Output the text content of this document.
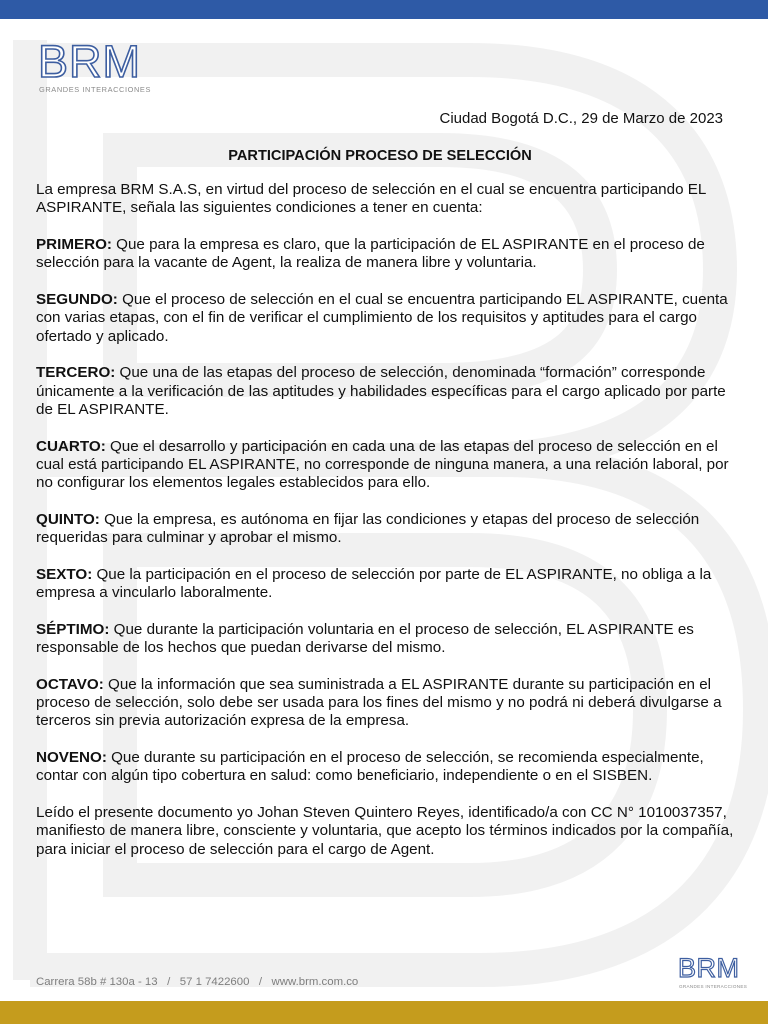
BRM
GRANDES INTERACCIONES
Ciudad Bogotá D.C., 29 de Marzo de 2023
PARTICIPACIÓN PROCESO DE SELECCIÓN

La empresa BRM S.A.S, en virtud del proceso de selección en el cual se encuentra participando EL ASPIRANTE, señala las siguientes condiciones a tener en cuenta:

PRIMERO: Que para la empresa es claro, que la participación de EL ASPIRANTE en el proceso de selección para la vacante de Agent, la realiza de manera libre y voluntaria.

SEGUNDO: Que el proceso de selección en el cual se encuentra participando EL ASPIRANTE, cuenta con varias etapas, con el fin de verificar el cumplimiento de los requisitos y aptitudes para el cargo ofertado y aplicado.

TERCERO: Que una de las etapas del proceso de selección, denominada “formación” corresponde únicamente a la verificación de las aptitudes y habilidades específicas para el cargo aplicado por parte de EL ASPIRANTE.

CUARTO: Que el desarrollo y participación en cada una de las etapas del proceso de selección en el cual está participando EL ASPIRANTE, no corresponde de ninguna manera, a una relación laboral, por no configurar los elementos legales establecidos para ello.

QUINTO: Que la empresa, es autónoma en fijar las condiciones y etapas del proceso de selección requeridas para culminar y aprobar el mismo.

SEXTO: Que la participación en el proceso de selección por parte de EL ASPIRANTE, no obliga a la empresa a vincularlo laboralmente.

SÉPTIMO: Que durante la participación voluntaria en el proceso de selección, EL ASPIRANTE es responsable de los hechos que puedan derivarse del mismo.

OCTAVO: Que la información que sea suministrada a EL ASPIRANTE durante su participación en el proceso de selección, solo debe ser usada para los fines del mismo y no podrá ni deberá divulgarse a terceros sin previa autorización expresa de la empresa.

NOVENO: Que durante su participación en el proceso de selección, se recomienda especialmente, contar con algún tipo cobertura en salud: como beneficiario, independiente o en el SISBEN.

Leído el presente documento yo Johan Steven Quintero Reyes, identificado/a con CC N° 1010037357, manifiesto de manera libre, consciente y voluntaria, que acepto los términos indicados por la compañía, para iniciar el proceso de selección para el cargo de Agent.

Carrera 58b # 130a - 13   /   57 1 7422600   /   www.brm.com.co	BRM
GRANDES INTERACCIONES
